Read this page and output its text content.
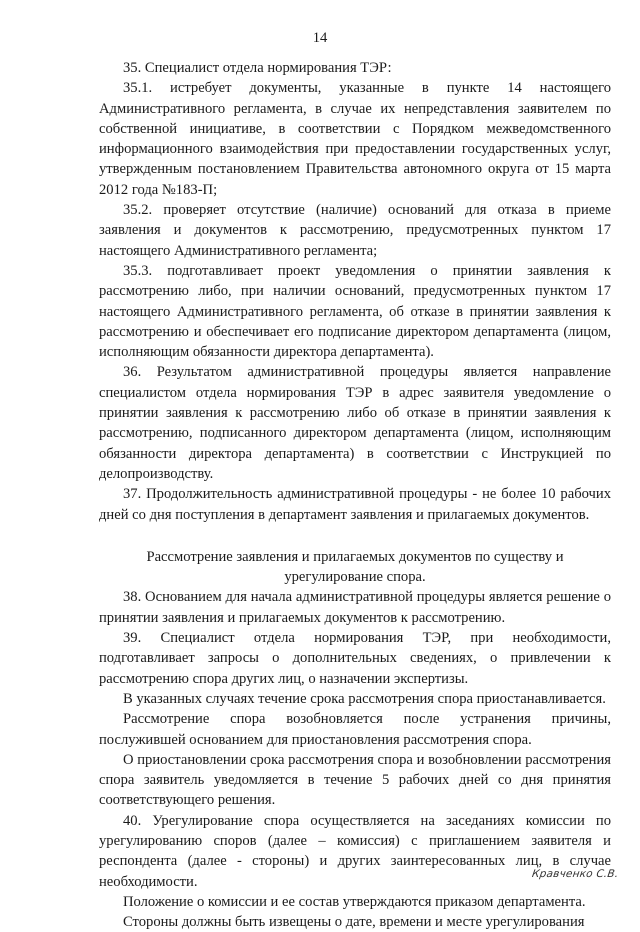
14

35. Специалист отдела нормирования ТЭР:

35.1. истребует документы, указанные в пункте 14 настоящего Административного регламента, в случае их непредставления заявителем по собственной инициативе, в соответствии с Порядком межведомственного информационного взаимодействия при предоставлении государственных услуг, утвержденным постановлением Правительства автономного округа от 15 марта 2012 года №183-П;

35.2. проверяет отсутствие (наличие) оснований для отказа в приеме заявления и документов к рассмотрению, предусмотренных пунктом 17 настоящего Административного регламента;

35.3. подготавливает проект уведомления о принятии заявления к рассмотрению либо, при наличии оснований, предусмотренных пунктом 17 настоящего Административного регламента, об отказе в принятии заявления к рассмотрению и обеспечивает его подписание директором департамента (лицом, исполняющим обязанности директора департамента).

36. Результатом административной процедуры является направление специалистом отдела нормирования ТЭР в адрес заявителя уведомление о принятии заявления к рассмотрению либо об отказе в принятии заявления к рассмотрению, подписанного директором департамента (лицом, исполняющим обязанности директора департамента) в соответствии с Инструкцией по делопроизводству.

37. Продолжительность административной процедуры - не более 10 рабочих дней со дня поступления в департамент заявления и прилагаемых документов.

Рассмотрение заявления и прилагаемых документов по существу и
урегулирование спора.

38. Основанием для начала административной процедуры является решение о принятии заявления и прилагаемых документов к рассмотрению.

39. Специалист отдела нормирования ТЭР, при необходимости, подготавливает запросы о дополнительных сведениях, о привлечении к рассмотрению спора других лиц, о назначении экспертизы.

В указанных случаях течение срока рассмотрения спора приостанавливается.

Рассмотрение спора возобновляется после устранения причины, послужившей основанием для приостановления рассмотрения спора.

О приостановлении срока рассмотрения спора и возобновлении рассмотрения спора заявитель уведомляется в течение 5 рабочих дней со дня принятия соответствующего решения.

40. Урегулирование спора осуществляется на заседаниях комиссии по урегулированию споров (далее – комиссия) с приглашением заявителя и респондента (далее - стороны) и других заинтересованных лиц, в случае необходимости.

Положение о комиссии и ее состав утверждаются приказом департамента.

Стороны должны быть извещены о дате, времени и месте урегулирования

Кравченко С.В.
